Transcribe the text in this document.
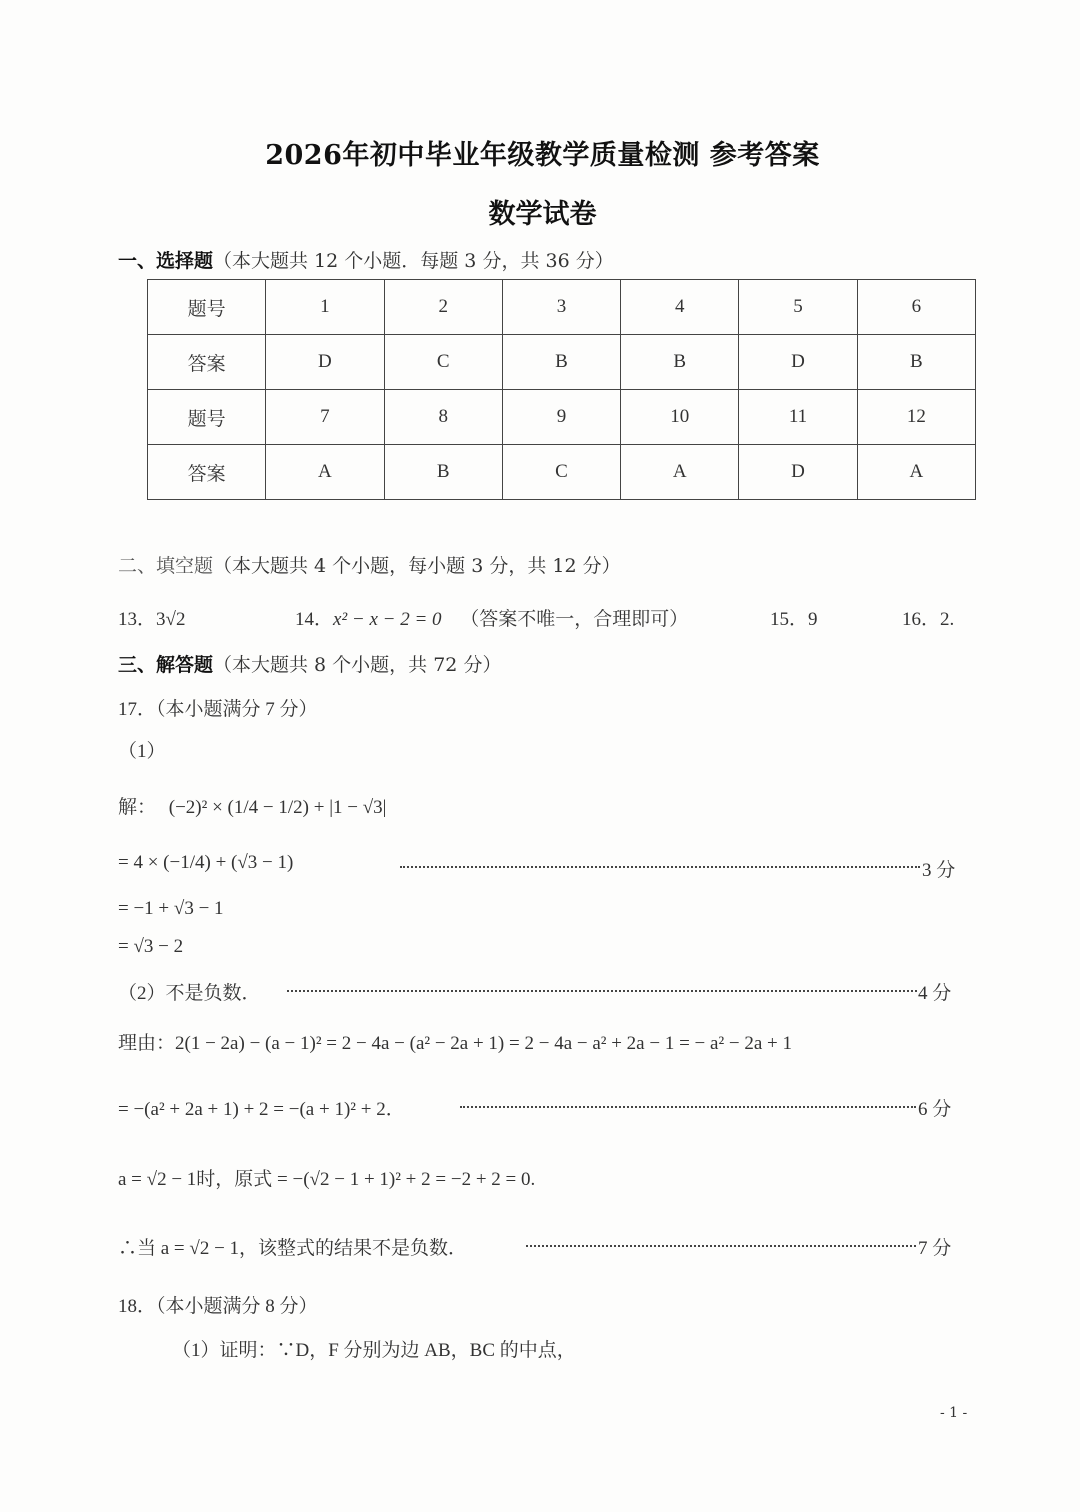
2026年初中毕业年级教学质量检测 参考答案
数学试卷
一、选择题（本大题共 12 个小题．每题 3 分，共 36 分）
题号	1	2	3	4	5	6
答案	D	C	B	B	D	B
题号	7	8	9	10	11	12
答案	A	B	C	A	D	A
二、填空题（本大题共 4 个小题，每小题 3 分，共 12 分）
13．3√2	14．x² − x − 2 = 0 （答案不唯一，合理即可）	15．9	16．2.
三、解答题（本大题共 8 个小题，共 72 分）
17．（本小题满分 7 分）
（1）
解： (−2)² × (1/4 − 1/2) + |1 − √3|
= 4 × (−1/4) + (√3 − 1)	3 分
= −1 + √3 − 1
= √3 − 2
（2）不是负数．	4 分
理由：2(1 − 2a) − (a − 1)² = 2 − 4a − (a² − 2a + 1) = 2 − 4a − a² + 2a − 1 = − a² − 2a + 1
= −(a² + 2a + 1) + 2 = −(a + 1)² + 2．	6 分
a = √2 − 1时，原式 = −(√2 − 1 + 1)² + 2 = −2 + 2 = 0.
∴当 a = √2 − 1，该整式的结果不是负数．	7 分
18．（本小题满分 8 分）
（1）证明：∵D，F 分别为边 AB，BC 的中点，
- 1 -
